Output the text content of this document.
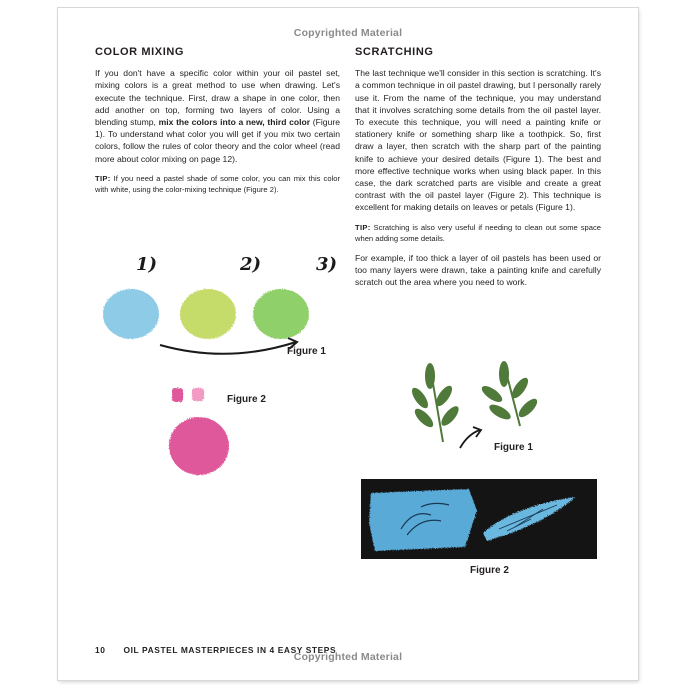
Copyrighted Material
COLOR MIXING

If you don't have a specific color within your oil pastel set, mixing colors is a great method to use when drawing. Let's execute the technique. First, draw a shape in one color, then add another on top, forming two layers of color. Using a blending stump, mix the colors into a new, third color (Figure 1). To understand what color you will get if you mix two certain colors, follow the rules of color theory and the color wheel (read more about color mixing on page 12).

TIP: If you need a pastel shade of some color, you can mix this color with white, using the color-mixing technique (Figure 2).

1)	2)	3)
Figure 1
Figure 2
SCRATCHING

The last technique we'll consider in this section is scratching. It's a common technique in oil pastel drawing, but I personally rarely use it. From the name of the technique, you may understand that it involves scratching some details from the oil pastel layer. To execute this technique, you will need a painting knife or stationery knife or something sharp like a toothpick. So, first draw a layer, then scratch with the sharp part of the painting knife to achieve your desired details (Figure 1). The best and more effective technique works when using black paper. In this case, the dark scratched parts are visible and create a great contrast with the oil pastel layer (Figure 2). This technique is excellent for making details on leaves or petals (Figure 1).

TIP: Scratching is also very useful if needing to clean out some space when adding some details.

For example, if too thick a layer of oil pastels has been used or too many layers were drawn, take a painting knife and carefully scratch out the area where you need to work.

Figure 1
Figure 2
10 OIL PASTEL MASTERPIECES IN 4 EASY STEPS
Copyrighted Material
